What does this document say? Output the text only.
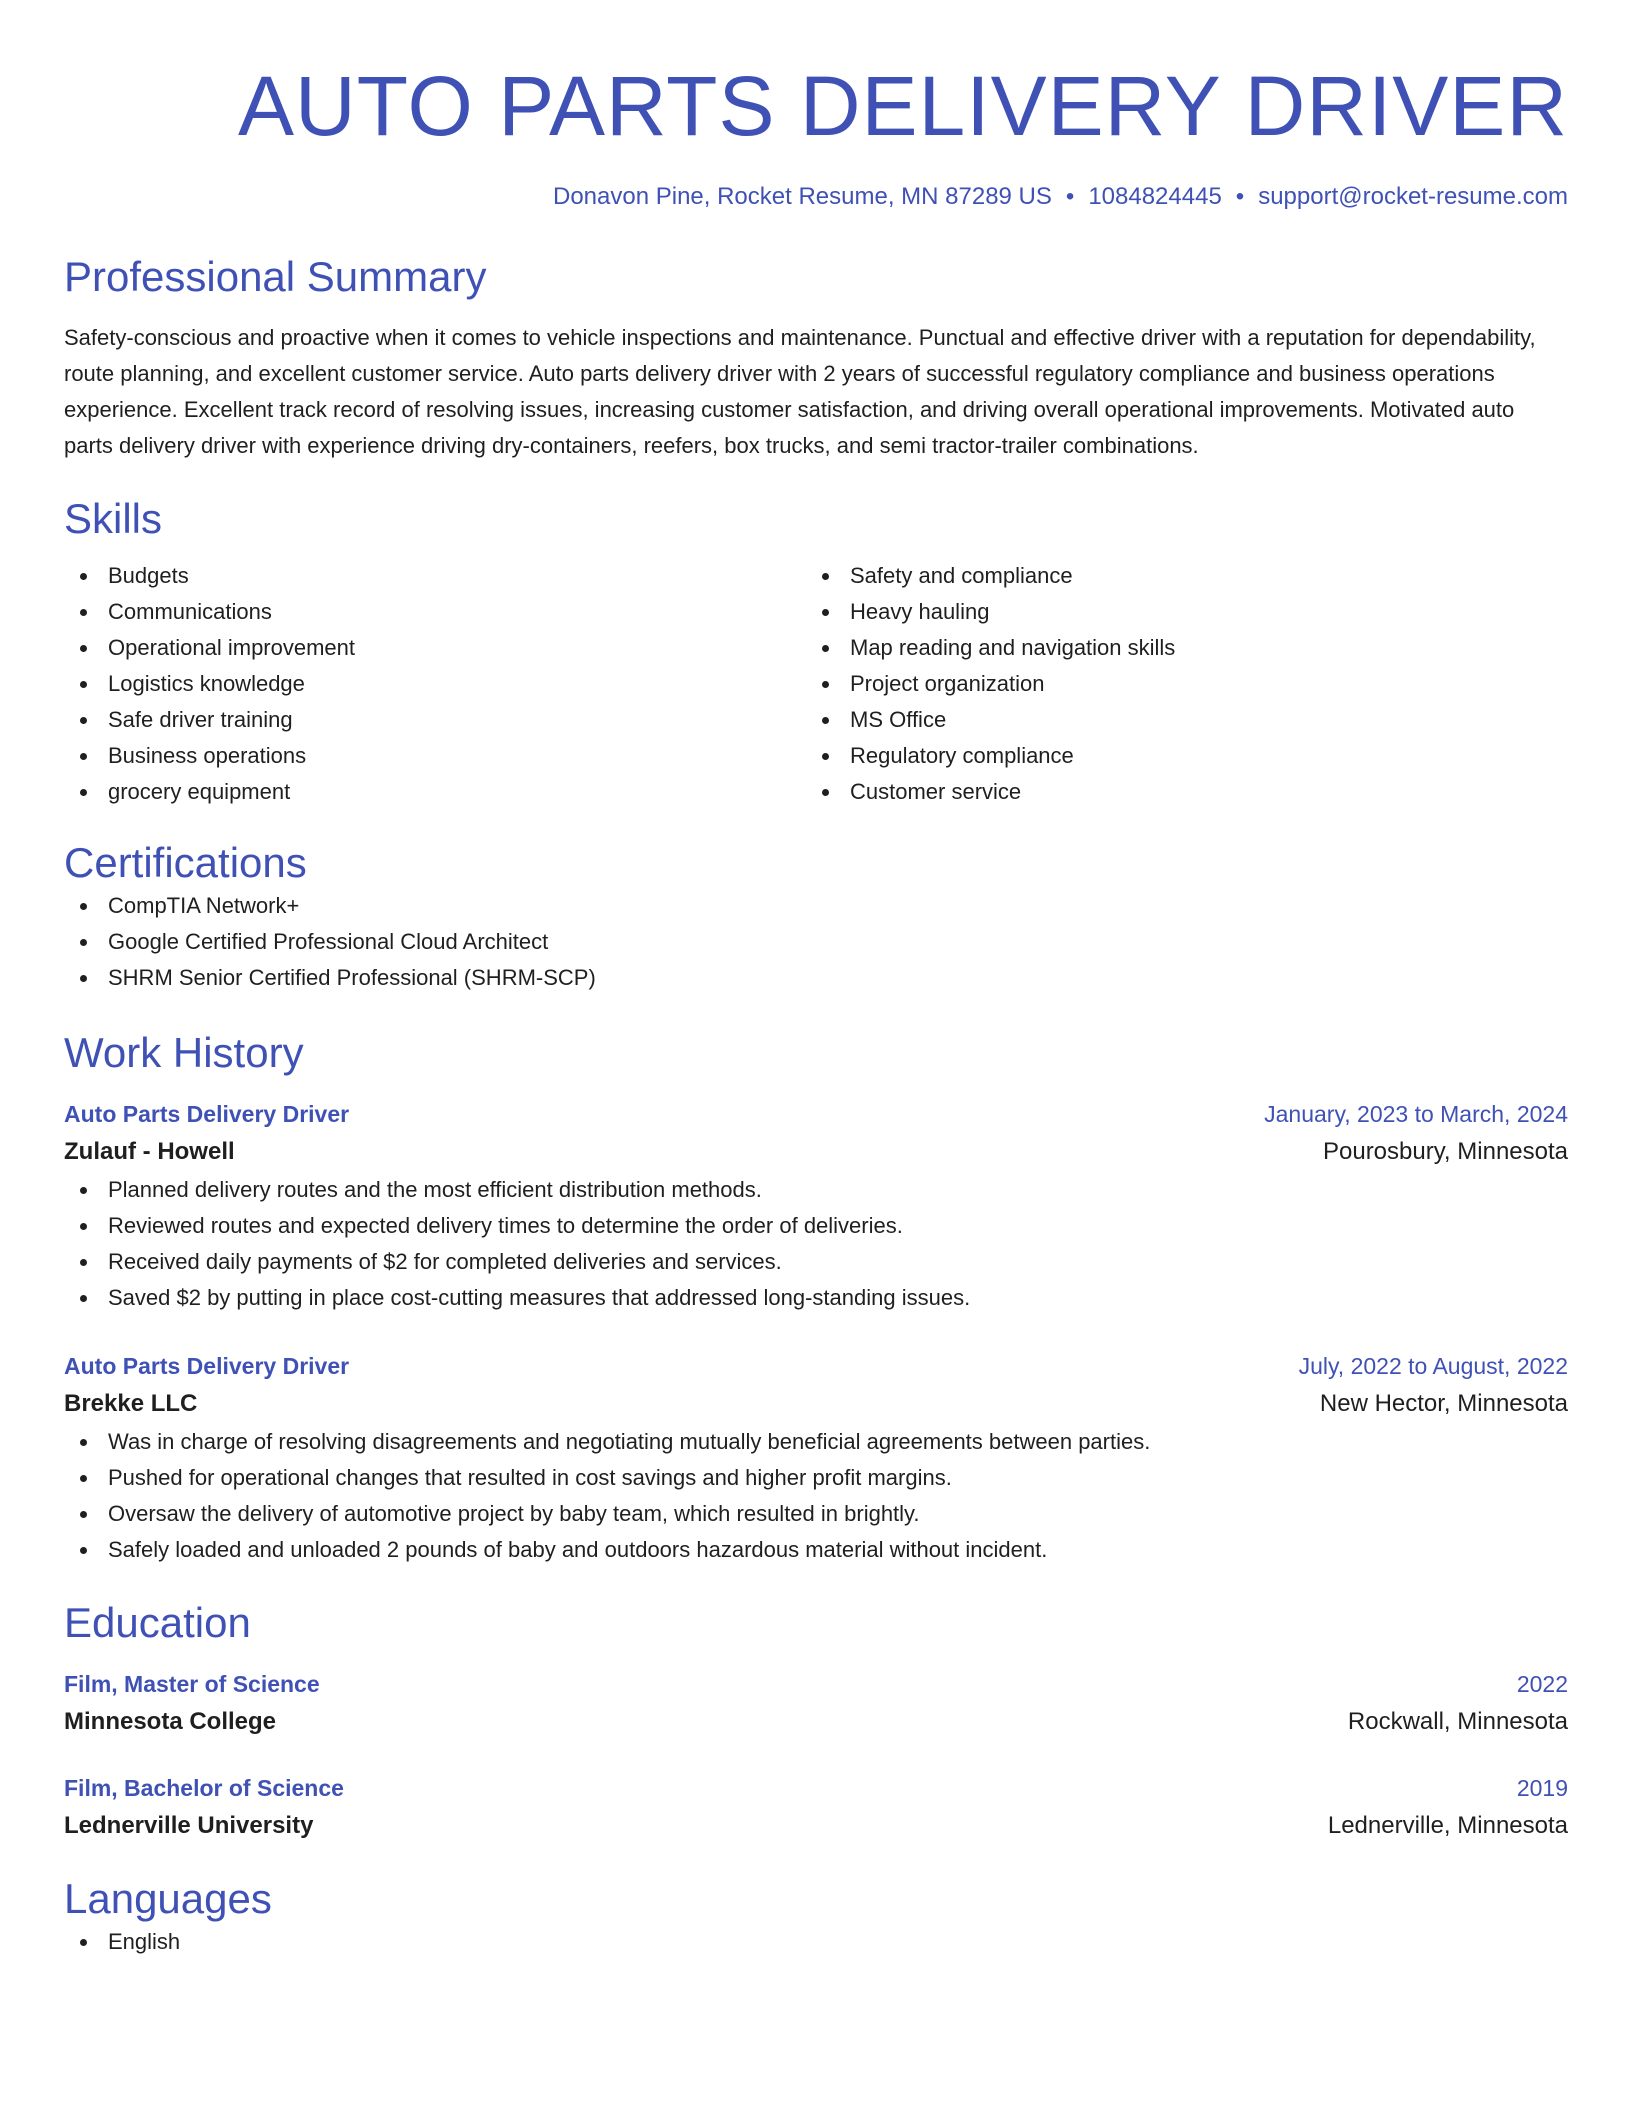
AUTO PARTS DELIVERY DRIVER
Donavon Pine, Rocket Resume, MN 87289 US • 1084824445 • support@rocket-resume.com
Professional Summary

Safety-conscious and proactive when it comes to vehicle inspections and maintenance. Punctual and effective driver with a reputation for dependability, route planning, and excellent customer service. Auto parts delivery driver with 2 years of successful regulatory compliance and business operations experience. Excellent track record of resolving issues, increasing customer satisfaction, and driving overall operational improvements. Motivated auto parts delivery driver with experience driving dry-containers, reefers, box trucks, and semi tractor-trailer combinations.

Skills
Budgets
Communications
Operational improvement
Logistics knowledge
Safe driver training
Business operations
grocery equipment
Safety and compliance
Heavy hauling
Map reading and navigation skills
Project organization
MS Office
Regulatory compliance
Customer service
Certifications
CompTIA Network+
Google Certified Professional Cloud Architect
SHRM Senior Certified Professional (SHRM-SCP)
Work History
Auto Parts Delivery Driver	January, 2023 to March, 2024
Zulauf - Howell	Pourosbury, Minnesota
Planned delivery routes and the most efficient distribution methods.
Reviewed routes and expected delivery times to determine the order of deliveries.
Received daily payments of $2 for completed deliveries and services.
Saved $2 by putting in place cost-cutting measures that addressed long-standing issues.
Auto Parts Delivery Driver	July, 2022 to August, 2022
Brekke LLC	New Hector, Minnesota
Was in charge of resolving disagreements and negotiating mutually beneficial agreements between parties.
Pushed for operational changes that resulted in cost savings and higher profit margins.
Oversaw the delivery of automotive project by baby team, which resulted in brightly.
Safely loaded and unloaded 2 pounds of baby and outdoors hazardous material without incident.
Education
Film, Master of Science	2022
Minnesota College	Rockwall, Minnesota
Film, Bachelor of Science	2019
Lednerville University	Lednerville, Minnesota
Languages
English
